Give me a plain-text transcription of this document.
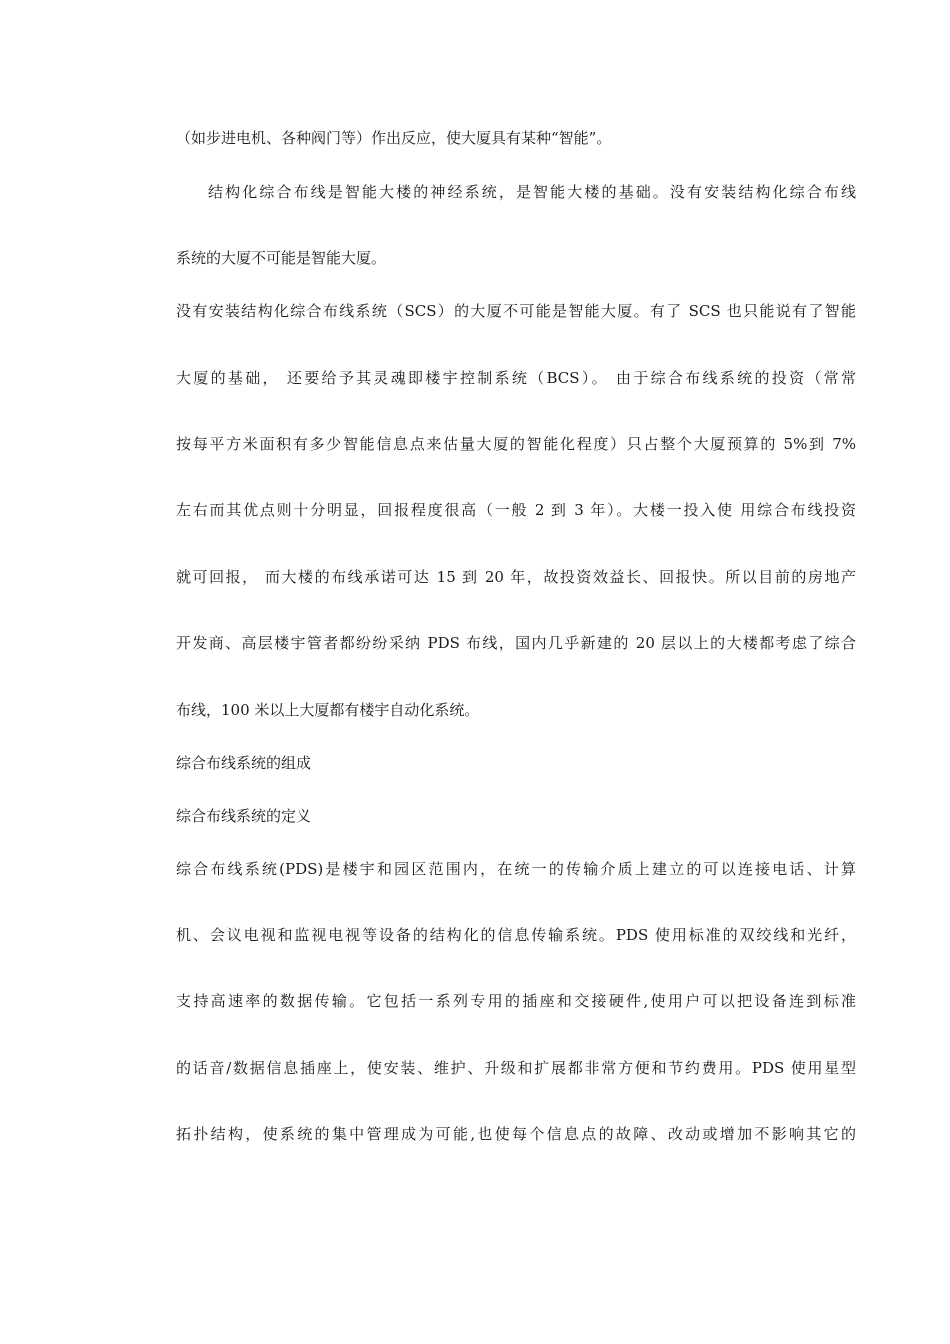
（如步进电机、各种阀门等）作出反应，使大厦具有某种“智能”。
结构化综合布线是智能大楼的神经系统，是智能大楼的基础。没有安装结构化综合布线
系统的大厦不可能是智能大厦。
没有安装结构化综合布线系统（SCS）的大厦不可能是智能大厦。有了 SCS 也只能说有了智能
大厦的基础， 还要给予其灵魂即楼宇控制系统（BCS）。 由于综合布线系统的投资（常常
按每平方米面积有多少智能信息点来估量大厦的智能化程度）只占整个大厦预算的 5%到 7%
左右而其优点则十分明显，回报程度很高（一般 2 到 3 年）。大楼一投入使 用综合布线投资
就可回报， 而大楼的布线承诺可达 15 到 20 年，故投资效益长、回报快。所以目前的房地产
开发商、高层楼宇管者都纷纷采纳 PDS 布线，国内几乎新建的 20 层以上的大楼都考虑了综合
布线，100 米以上大厦都有楼宇自动化系统。
综合布线系统的组成
综合布线系统的定义
综合布线系统(PDS)是楼宇和园区范围内，在统一的传输介质上建立的可以连接电话、计算
机、会议电视和监视电视等设备的结构化的信息传输系统。PDS 使用标准的双绞线和光纤，
支持高速率的数据传输。它包括一系列专用的插座和交接硬件,使用户可以把设备连到标准
的话音/数据信息插座上，使安装、维护、升级和扩展都非常方便和节约费用。PDS 使用星型
拓扑结构，使系统的集中管理成为可能,也使每个信息点的故障、改动或增加不影响其它的
